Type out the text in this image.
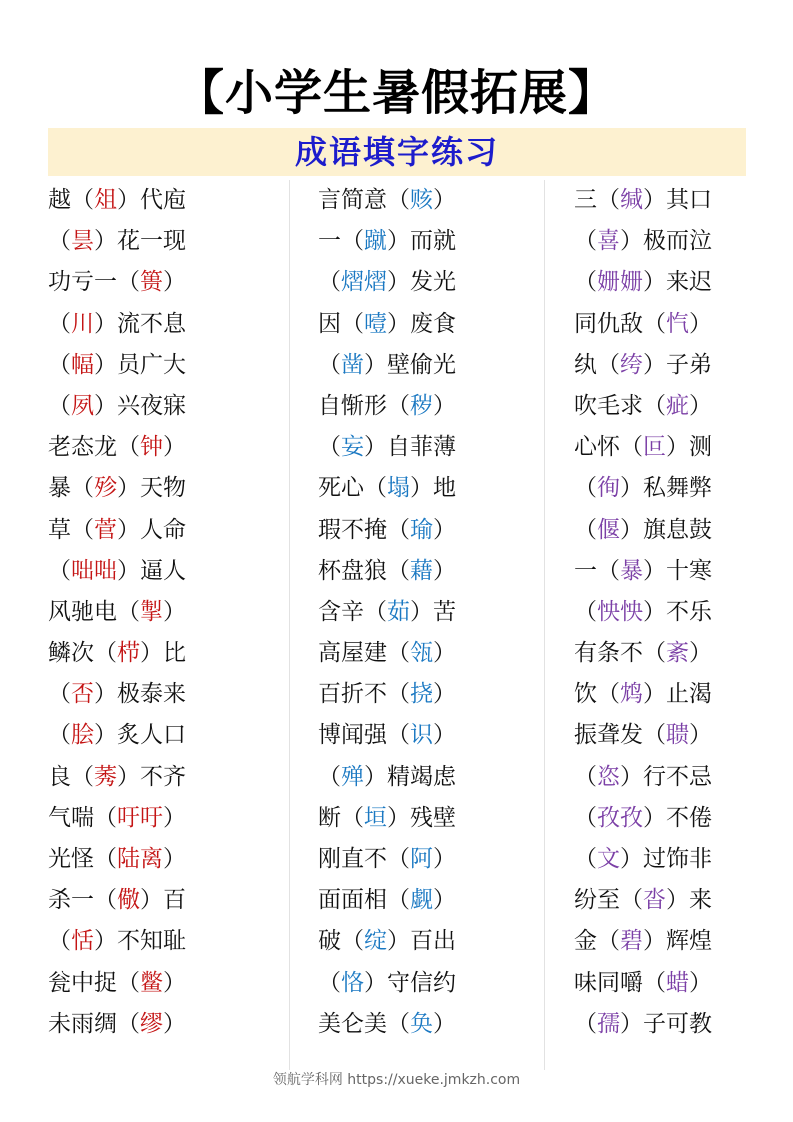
【小学生暑假拓展】
成语填字练习
越（俎）代庖
（昙）花一现
功亏一（篑）
（川）流不息
（幅）员广大
（夙）兴夜寐
老态龙（钟）
暴（殄）天物
草（菅）人命
（咄咄）逼人
风驰电（掣）
鳞次（栉）比
（否）极泰来
（脍）炙人口
良（莠）不齐
气喘（吁吁）
光怪（陆离）
杀一（儆）百
（恬）不知耻
瓮中捉（鳖）
未雨绸（缪）
言简意（赅）
一（蹴）而就
（熠熠）发光
因（噎）废食
（凿）壁偷光
自惭形（秽）
（妄）自菲薄
死心（塌）地
瑕不掩（瑜）
杯盘狼（藉）
含辛（茹）苦
高屋建（瓴）
百折不（挠）
博闻强（识）
（殚）精竭虑
断（垣）残壁
刚直不（阿）
面面相（觑）
破（绽）百出
（恪）守信约
美仑美（奂）
三（缄）其口
（喜）极而泣
（姗姗）来迟
同仇敌（忾）
纨（绔）子弟
吹毛求（疵）
心怀（叵）测
（徇）私舞弊
（偃）旗息鼓
一（暴）十寒
（怏怏）不乐
有条不（紊）
饮（鸩）止渴
振聋发（聩）
（恣）行不忌
（孜孜）不倦
（文）过饰非
纷至（沓）来
金（碧）辉煌
味同嚼（蜡）
（孺）子可教
领航学科网 https://xueke.jmkzh.com
